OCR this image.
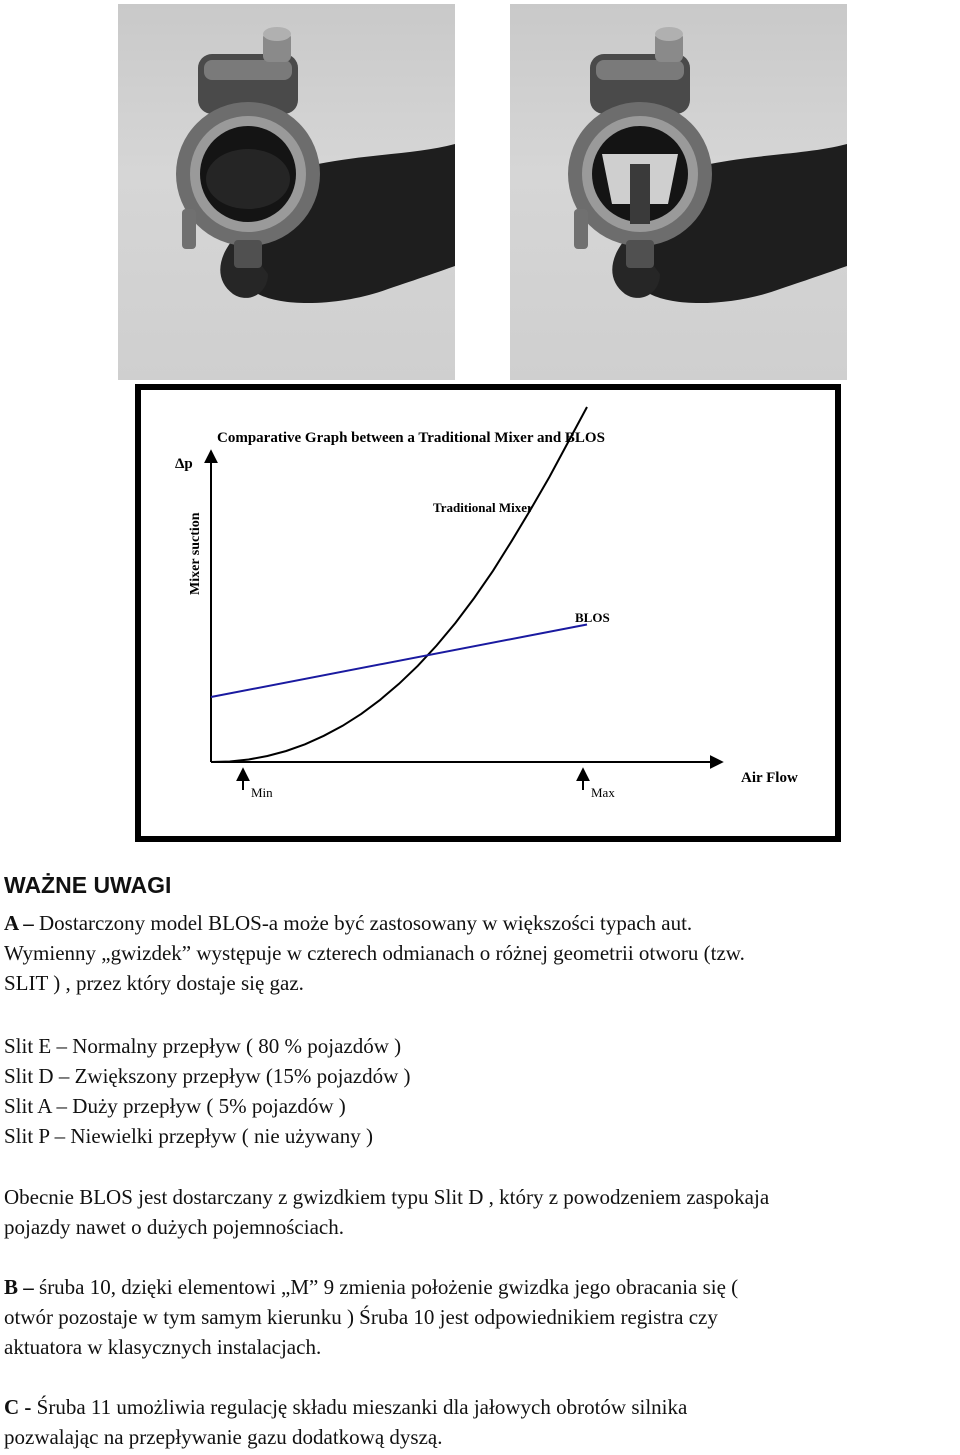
Comparative Graph between a Traditional Mixer and BLOS
Δp
Mixer suction
Air Flow
Min	Max
Traditional Mixer
BLOS
WAŻNE UWAGI

A – Dostarczony model BLOS-a może być zastosowany w większości typach aut.
Wymienny „gwizdek” występuje w czterech odmianach o różnej geometrii otworu (tzw.
SLIT ) , przez który dostaje się gaz.

Slit E – Normalny przepływ ( 80 % pojazdów )
Slit D – Zwiększony przepływ (15% pojazdów )
Slit A – Duży przepływ ( 5% pojazdów )
Slit P – Niewielki przepływ ( nie używany )

Obecnie BLOS jest dostarczany z gwizdkiem typu Slit D , który z powodzeniem zaspokaja
pojazdy nawet o dużych pojemnościach.

B – śruba 10, dzięki elementowi „M” 9 zmienia położenie gwizdka jego obracania się (
otwór pozostaje w tym samym kierunku ) Śruba 10 jest odpowiednikiem registra czy
aktuatora w klasycznych instalacjach.

C - Śruba 11 umożliwia regulację składu mieszanki dla jałowych obrotów silnika
pozwalając na przepływanie gazu dodatkową dyszą.
